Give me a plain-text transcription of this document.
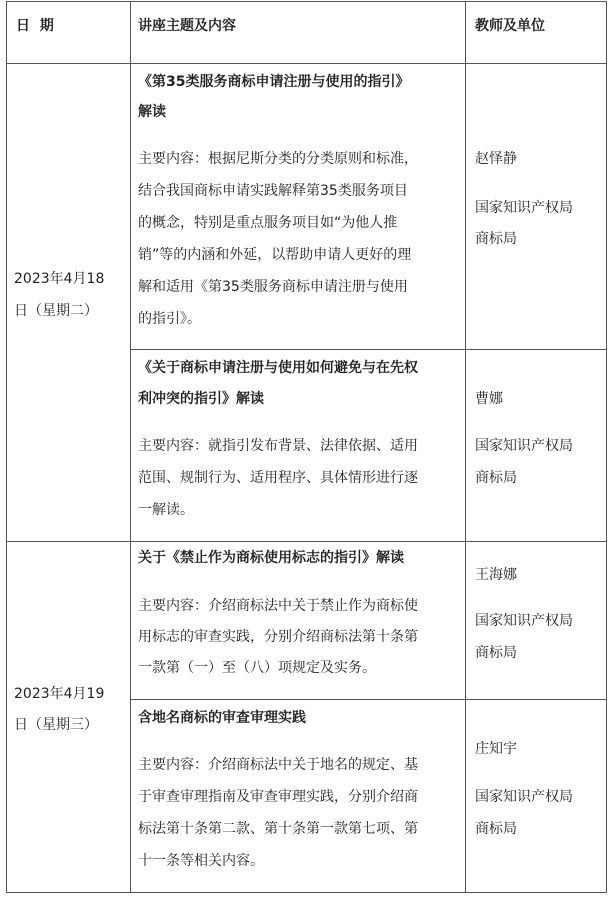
日  期	讲座主题及内容	教师及单位
2023年4月18
日（星期二）
《第35类服务商标申请注册与使用的指引》
解读
主要内容：根据尼斯分类的分类原则和标准，
结合我国商标申请实践解释第35类服务项目
的概念，特别是重点服务项目如“为他人推
销”等的内涵和外延，以帮助申请人更好的理
解和适用《第35类服务商标申请注册与使用
的指引》。
赵怿静
国家知识产权局
商标局
《关于商标申请注册与使用如何避免与在先权
利冲突的指引》解读
主要内容：就指引发布背景、法律依据、适用
范围、规制行为、适用程序、具体情形进行逐
一解读。
曹娜
国家知识产权局
商标局
2023年4月19
日（星期三）
关于《禁止作为商标使用标志的指引》解读
主要内容：介绍商标法中关于禁止作为商标使
用标志的审查实践，分别介绍商标法第十条第
一款第（一）至（八）项规定及实务。
王海娜
国家知识产权局
商标局
含地名商标的审查审理实践
主要内容：介绍商标法中关于地名的规定、基
于审查审理指南及审查审理实践，分别介绍商
标法第十条第二款、第十条第一款第七项、第
十一条等相关内容。
庄知宇
国家知识产权局
商标局
